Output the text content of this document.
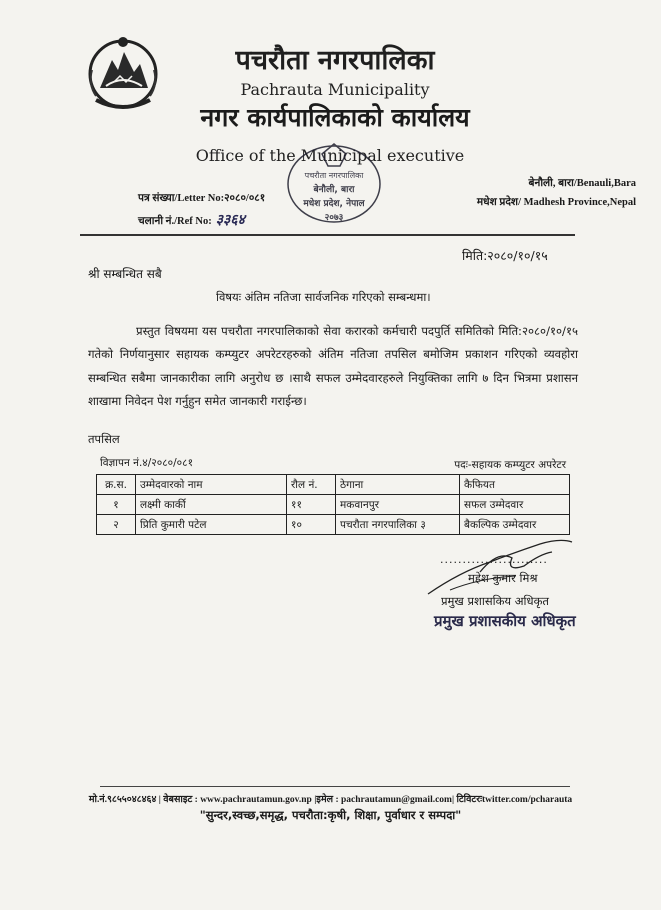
पचरौता नगरपालिका
Pachrauta Municipality
नगर कार्यपालिकाको कार्यालय
Office of the Municipal executive
पचरौता नगरपालिका
बेनौली, बारा
मधेश प्रदेश, नेपाल
२०७३
पत्र संख्या/Letter No:२०८०/०८१
चलानी नं./Ref No: ३३६४
बेनौली, बारा/Benauli,Bara
मधेश प्रदेश/ Madhesh Province,Nepal
मिति:२०८०/१०/१५
श्री सम्बन्धित सबै
विषयः अंतिम नतिजा सार्वजनिक गरिएको सम्बन्धमा।
प्रस्तुत विषयमा यस पचरौता नगरपालिकाको सेवा करारको कर्मचारी पदपुर्ति समितिको मिति:२०८०/१०/१५ गतेको निर्णयानुसार सहायक कम्प्युटर अपरेटरहरुको अंतिम नतिजा तपसिल बमोजिम प्रकाशन गरिएको व्यवहोरा सम्बन्धित सबैमा जानकारीका लागि अनुरोध छ ।साथै सफल उम्मेदवारहरुले नियुक्तिका लागि ७ दिन भित्रमा प्रशासन शाखामा निवेदन पेश गर्नुहुन समेत जानकारी गराईन्छ।
तपसिल
विज्ञापन नं.४/२०८०/०८१	पदः-सहायक कम्प्युटर अपरेटर
क्र.स.	उम्मेदवारको नाम	रौल नं.	ठेगाना	कैफियत
१	लक्ष्मी कार्की	११	मकवानपुर	सफल उम्मेदवार
२	प्रिति कुमारी पटेल	१०	पचरौता नगरपालिका ३	बैकल्पिक उम्मेदवार
........................
महेश कुमार मिश्र
प्रमुख प्रशासकिय अधिकृत
प्रमुख प्रशासकीय अधिकृत
मो.नं.९८५५०४८४६४ | वेबसाइट : www.pachrautamun.gov.np |इमेल : pachrautamun@gmail.com| टिविटरःtwitter.com/pcharauta
"सुन्दर,स्वच्छ,समृद्ध, पचरौता:कृषी, शिक्षा, पुर्वाधार र सम्पदा"
